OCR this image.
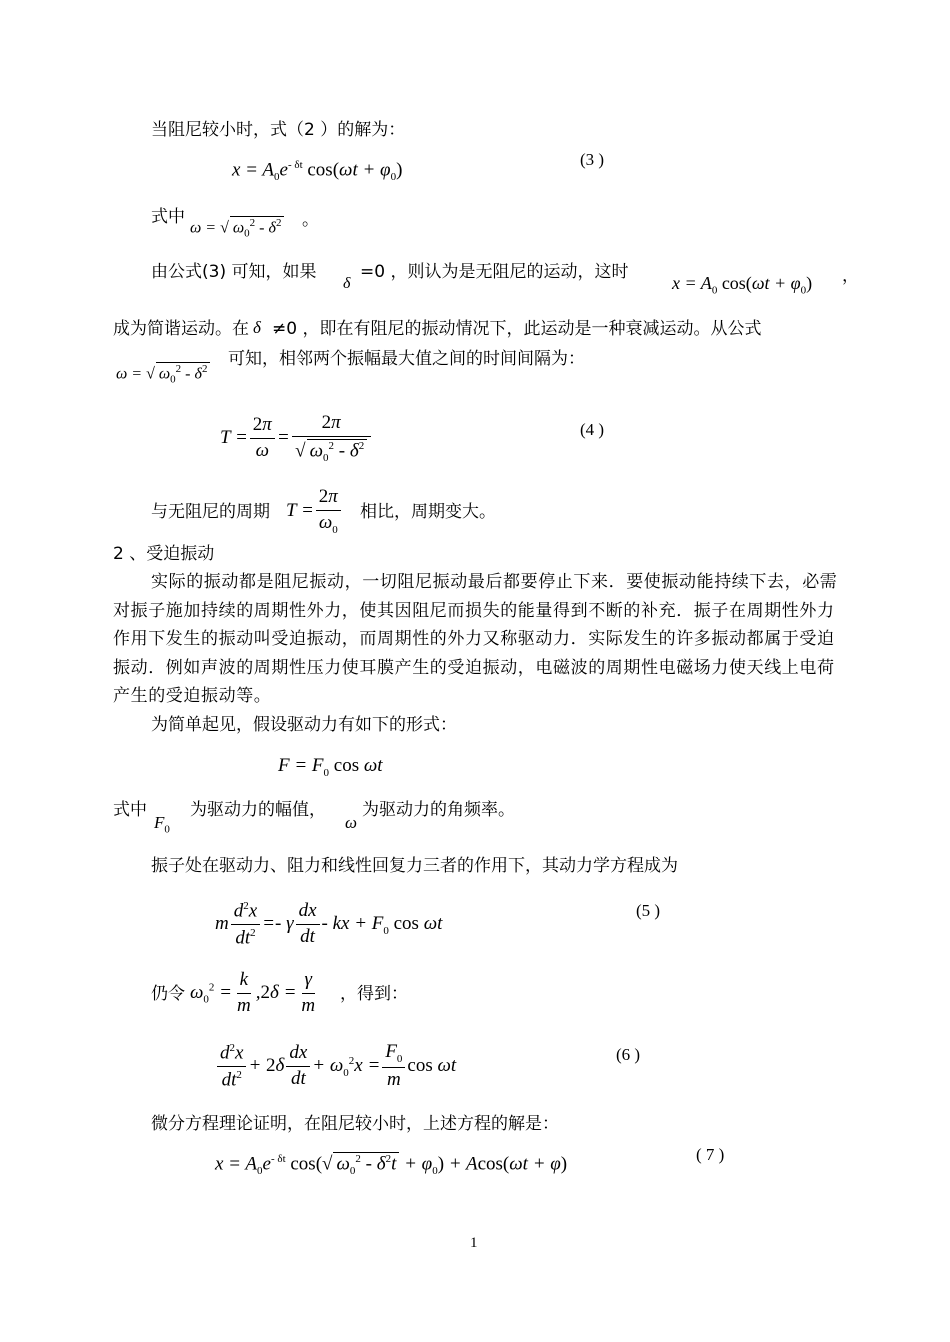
当阻尼较小时，式（2 ）的解为：
$x = A_0e^{- \delta t}$ $\cos(\omega t + \varphi_0)$	(3 )
式中
ω = √ $\omega_0^2 - \delta^2$ 。
由公式(3) 可知，如果
δ
=0 ，则认为是无阻尼的运动，这时
$x = A_0$ $\cos(\omega t + \varphi_0)$ ，
成为简谐运动。在 δ ≠0 ，即在有阻尼的振动情况下，此运动是一种衰减运动。从公式
ω = √ $\omega_0^2 - \delta^2$ 可知，相邻两个振幅最大值之间的时间间隔为：
$T = \frac{2\pi}{\omega} = \frac{2\pi}{√ \omega_0^2 - \delta^2}$	(4 )
与无阻尼的周期 $T = \frac{2\pi}{\omega_0}$ 相比，周期变大。
2 、受迫振动
实际的振动都是阻尼振动，一切阻尼振动最后都要停止下来．要使振动能持续下去，必需对振子施加持续的周期性外力，使其因阻尼而损失的能量得到不断的补充．振子在周期性外力作用下发生的振动叫受迫振动，而周期性的外力又称驱动力．实际发生的许多振动都属于受迫振动．例如声波的周期性压力使耳膜产生的受迫振动，电磁波的周期性电磁场力使天线上电荷产生的受迫振动等。
为简单起见，假设驱动力有如下的形式：
$F = F_0$ cos ωt
式中
$F_0$
为驱动力的幅值，
ω
为驱动力的角频率。
振子处在驱动力、阻力和线性回复力三者的作用下，其动力学方程成为
m $\frac{d^2x}{dt^2} =- \gamma \frac{dx}{dt}$ - kx + $F_0$ cos ωt
(5 )
仍令 $\omega_0^2 = \frac{k}{m} ,2\delta = \frac{\gamma}{m}$ ，得到：
$\frac{d^2x}{dt^2} + 2\delta \frac{dx}{dt} + \omega_0^2x = \frac{F_0}{m}$ cos ωt
(6 )
微分方程理论证明，在阻尼较小时，上述方程的解是：
$x = A_0e^{- \delta t}$ cos(√ $\omega_0^2 - \delta^2t + \varphi_0) + Acos(\omega t + \varphi)$	( 7 )
1
